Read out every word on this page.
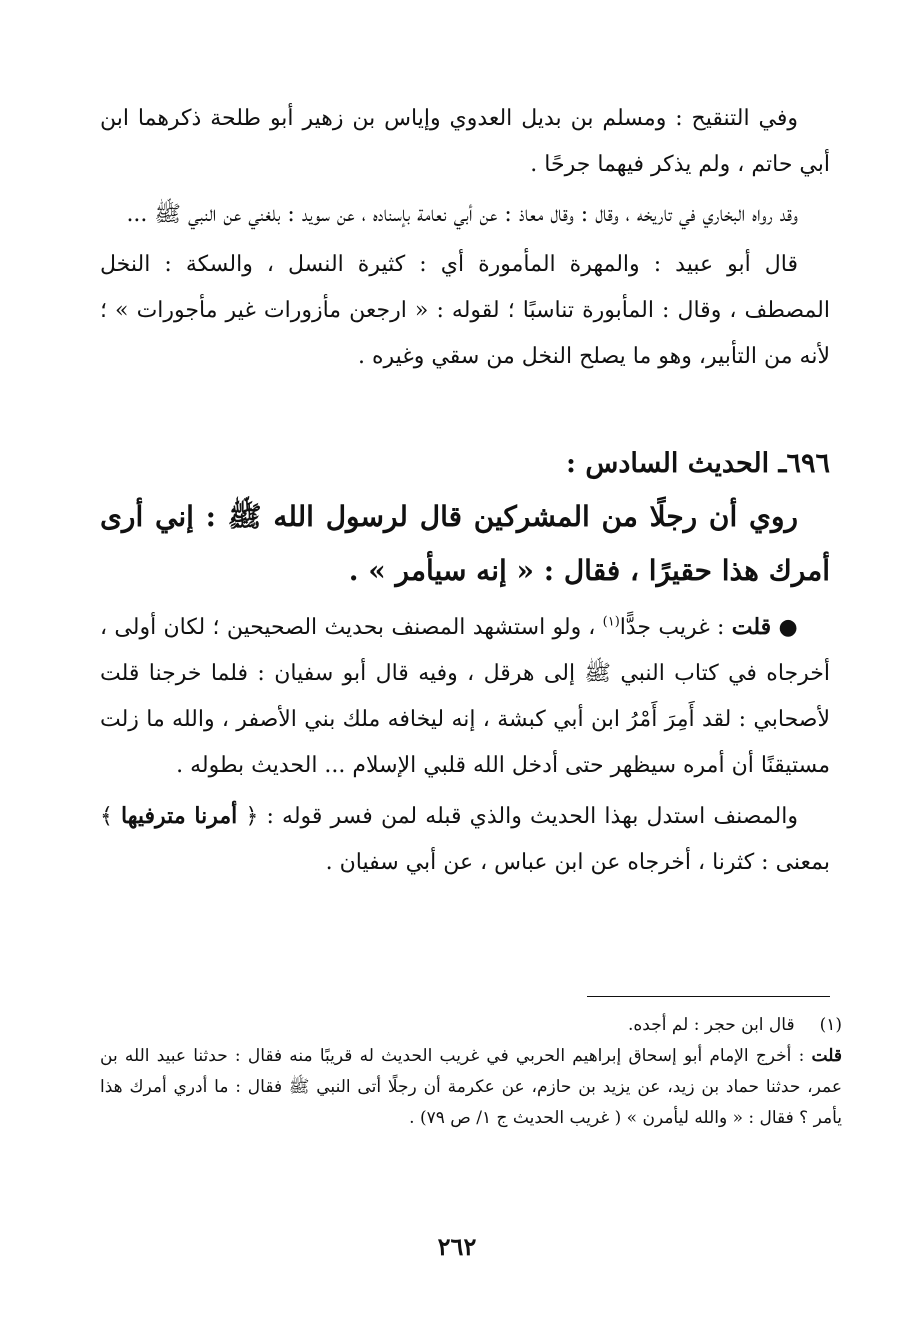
وفي التنقيح : ومسلم بن بديل العدوي وإياس بن زهير أبو طلحة ذكرهما ابن أبي حاتم ، ولم يذكر فيهما جرحًا .

وقد رواه البخاري في تاريخه ، وقال : وقال معاذ : عن أبي نعامة بإسناده ، عن سويد : بلغني عن النبي ﷺ ...

قال أبو عبيد : والمهرة المأمورة أي : كثيرة النسل ، والسكة : النخل المصطف ، وقال : المأبورة تناسبًا ؛ لقوله : « ارجعن مأزورات غير مأجورات » ؛ لأنه من التأبير، وهو ما يصلح النخل من سقي وغيره .

٦٩٦ـ الحديث السادس :

روي أن رجلًا من المشركين قال لرسول الله ﷺ : إني أرى أمرك هذا حقيرًا ، فقال : « إنه سيأمر » .

● قلت : غريب جدًّا$^{(١)}$ ، ولو استشهد المصنف بحديث الصحيحين ؛ لكان أولى ، أخرجاه في كتاب النبي ﷺ إلى هرقل ، وفيه قال أبو سفيان : فلما خرجنا قلت لأصحابي : لقد أَمِرَ أَمْرُ ابن أبي كبشة ، إنه ليخافه ملك بني الأصفر ، والله ما زلت مستيقنًا أن أمره سيظهر حتى أدخل الله قلبي الإسلام ... الحديث بطوله .

والمصنف استدل بهذا الحديث والذي قبله لمن فسر قوله : ﴿ أمرنا مترفيها ﴾ بمعنى : كثرنا ، أخرجاه عن ابن عباس ، عن أبي سفيان .

(١) قال ابن حجر : لم أجده.

قلت : أخرج الإمام أبو إسحاق إبراهيم الحربي في غريب الحديث له قريبًا منه فقال : حدثنا عبيد الله بن عمر، حدثنا حماد بن زيد، عن يزيد بن حازم، عن عكرمة أن رجلًا أتى النبي ﷺ فقال : ما أدري أمرك هذا يأمر ؟ فقال : « والله ليأمرن » ( غريب الحديث ج ١/ ص ٧٩) .

٢٦٢
